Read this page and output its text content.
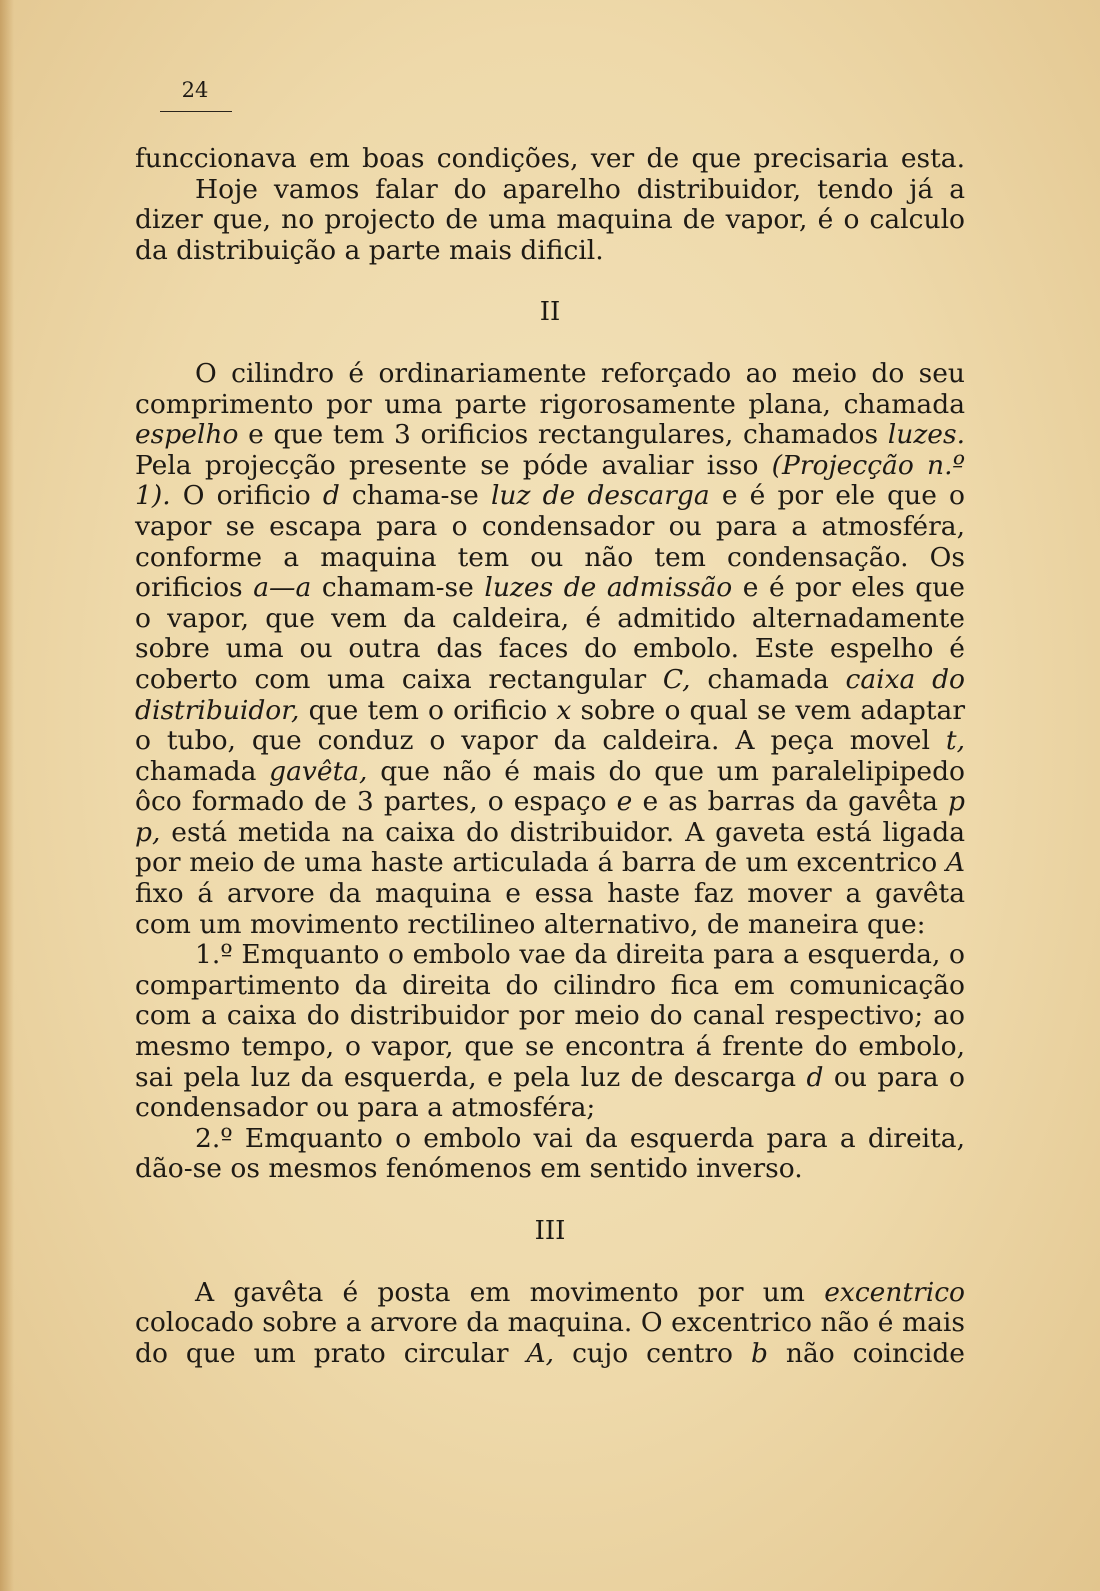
24

funccionava em boas condições, ver de que precisaria esta.

Hoje vamos falar do aparelho distribuidor, tendo já a dizer que, no projecto de uma maquina de vapor, é o calculo da distribuição a parte mais dificil.

II

O cilindro é ordinariamente reforçado ao meio do seu comprimento por uma parte rigorosamente plana, chamada espelho e que tem 3 orificios rectangulares, chamados luzes. Pela projecção presente se póde avaliar isso (Projecção n.º 1). O orificio d chama-se luz de descarga e é por ele que o vapor se escapa para o condensador ou para a atmosféra, conforme a maquina tem ou não tem condensação. Os orificios a—a chamam-se luzes de admissão e é por eles que o vapor, que vem da caldeira, é admitido alternadamente sobre uma ou outra das faces do embolo. Este espelho é coberto com uma caixa rectangular C, chamada caixa do distribuidor, que tem o orificio x sobre o qual se vem adaptar o tubo, que conduz o vapor da caldeira. A peça movel t, chamada gavêta, que não é mais do que um paralelipipedo ôco formado de 3 partes, o espaço e e as barras da gavêta p p, está metida na caixa do distribuidor. A gaveta está ligada por meio de uma haste articulada á barra de um excentrico A fixo á arvore da maquina e essa haste faz mover a gavêta com um movimento rectilineo alternativo, de maneira que:

1.º Emquanto o embolo vae da direita para a esquerda, o compartimento da direita do cilindro fica em comunicação com a caixa do distribuidor por meio do canal respectivo; ao mesmo tempo, o vapor, que se encontra á frente do embolo, sai pela luz da esquerda, e pela luz de descarga d ou para o condensador ou para a atmosféra;

2.º Emquanto o embolo vai da esquerda para a direita, dão-se os mesmos fenómenos em sentido inverso.

III

A gavêta é posta em movimento por um excentrico colocado sobre a arvore da maquina. O excentrico não é mais do que um prato circular A, cujo centro b não coincide
